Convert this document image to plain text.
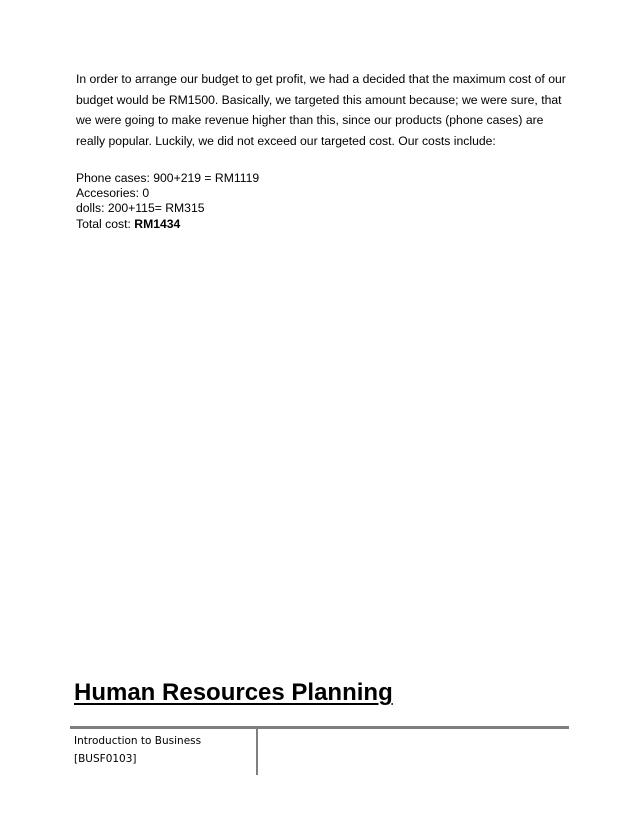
In order to arrange our budget to get profit, we had a decided that the maximum cost of our budget would be RM1500. Basically, we targeted this amount because; we were sure, that we were going to make revenue higher than this, since our products (phone cases) are really popular. Luckily, we did not exceed our targeted cost. Our costs include:

Phone cases: 900+219 = RM1119
Accesories: 0
dolls: 200+115= RM315
Total cost: RM1434
Human Resources Planning
Introduction to Business
[BUSF0103]
